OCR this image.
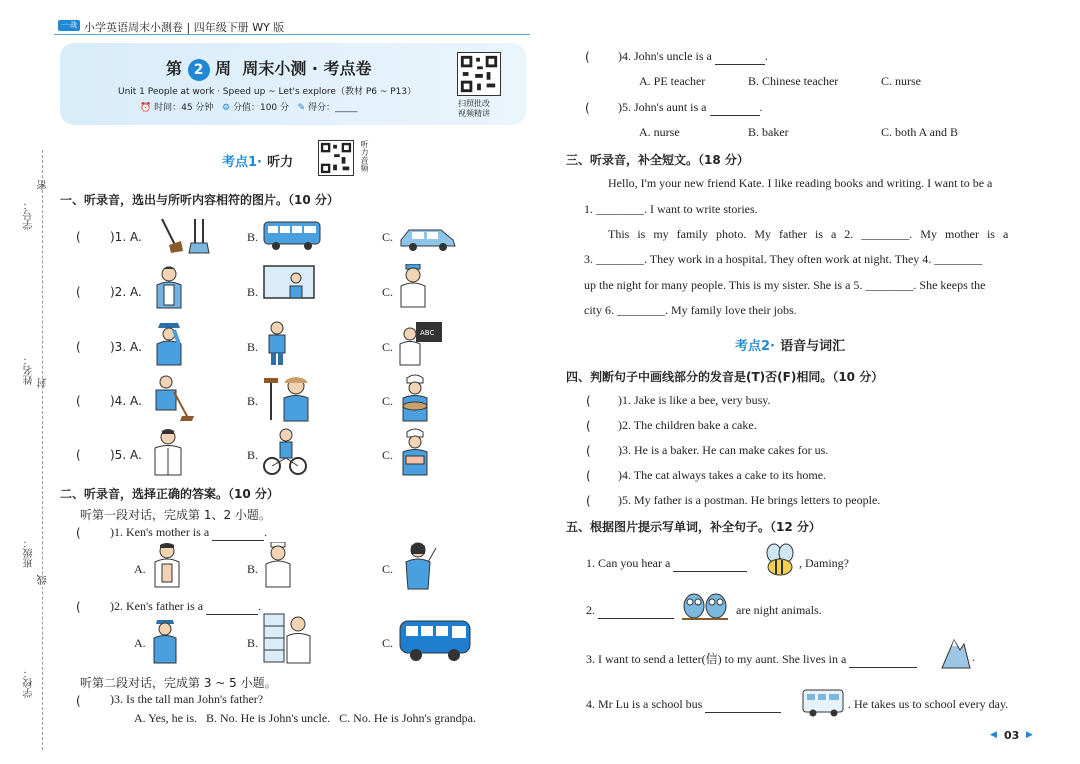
一·战 小学英语周末小测卷 | 四年级下册 WY 版
学校：
班级：
线
姓名： 封
学号：
密
第 2 周 周末小测 · 考点卷
Unit 1 People at work · Speed up ~ Let's explore（教材 P6 ~ P13）
⏰ 时间：45 分钟 ⚙ 分值：100 分 ✎ 得分：_____	扫照批改
视频精讲
考点1· 听力	听力音频
一、听录音，选出与所听内容相符的图片。（10 分）
( )1. A.	B.	C.
( )2. A.	B.	C.
( )3. A.	B.	C.
ABC
( )4. A.	B.	C.
( )5. A.	B.	C.
二、听录音，选择正确的答案。（10 分）
听第一段对话，完成第 1、2 小题。
( )1. Ken's mother is a	.
A.	B.	C.
( )2. Ken's father is a	.
A.	B.	C.
听第二段对话，完成第 3 ~ 5 小题。
( )3. Is the tall man John's father?
A. Yes, he is.   B. No. He is John's uncle.   C. No. He is John's grandpa.
( )4. John's uncle is a	.
A. PE teacher	B. Chinese teacher	C. nurse
( )5. John's aunt is a	.
A. nurse	B. baker	C. both A and B
三、听录音，补全短文。（18 分）
Hello, I'm your new friend Kate. I like reading books and writing. I want to be a
1. ________. I want to write stories.
This is my family photo. My father is a 2. ________. My mother is a
3. ________. They work in a hospital. They often work at night. They 4. ________
up the night for many people. This is my sister. She is a 5. ________. She keeps the
city 6. ________. My family love their jobs.
考点2· 语音与词汇
四、判断句子中画线部分的发音是(T)否(F)相同。（10 分）
( )1. Jake is like a bee, very busy.
( )2. The children bake a cake.
( )3. He is a baker. He can make cakes for us.
( )4. The cat always takes a cake to its home.
( )5. My father is a postman. He brings letters to people.
五、根据图片提示写单词，补全句子。（12 分）
1. Can you hear a	, Daming?
2.	are night animals.
3. I want to send a letter(信) to my aunt. She lives in a	.
4. Mr Lu is a school bus	. He takes us to school every day.
◀ 03 ▶
